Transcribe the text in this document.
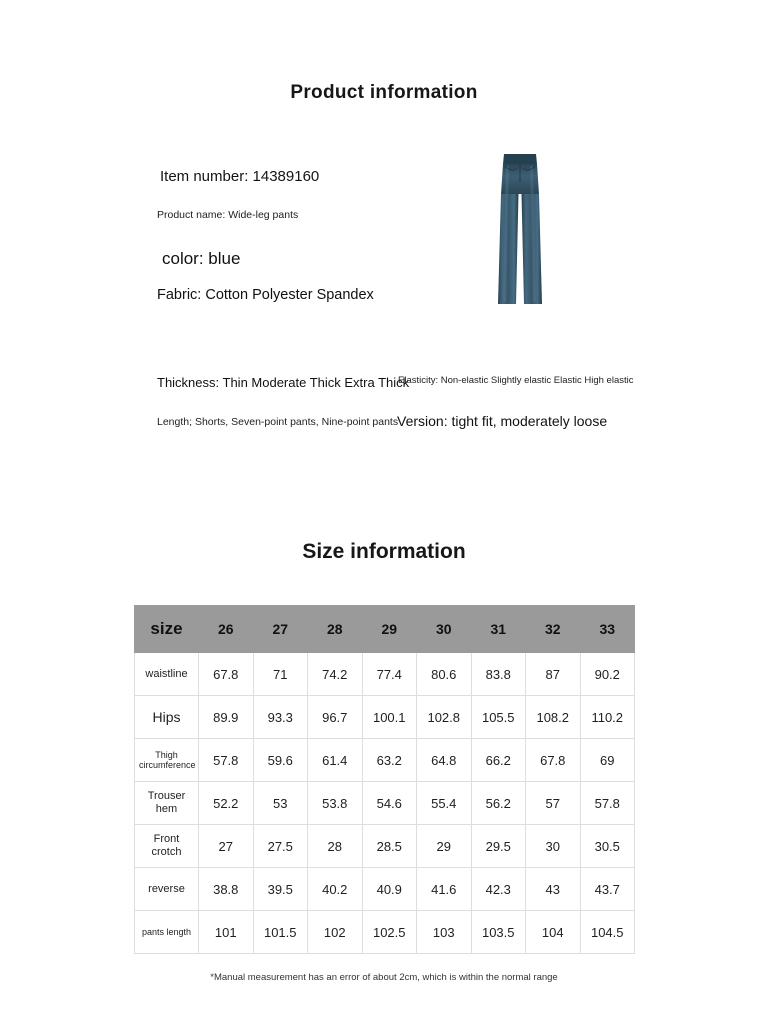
Product information
Item number: 14389160
Product name: Wide-leg pants
color: blue
Fabric: Cotton Polyester Spandex
Thickness: Thin Moderate Thick Extra Thick
Elasticity: Non-elastic Slightly elastic Elastic High elastic
Length; Shorts, Seven-point pants, Nine-point pants
Version: tight fit, moderately loose
Size information
size	26	27	28	29	30	31	32	33
waistline	67.8	71	74.2	77.4	80.6	83.8	87	90.2
Hips	89.9	93.3	96.7	100.1	102.8	105.5	108.2	110.2
Thigh circumference	57.8	59.6	61.4	63.2	64.8	66.2	67.8	69
Trouser hem	52.2	53	53.8	54.6	55.4	56.2	57	57.8
Front crotch	27	27.5	28	28.5	29	29.5	30	30.5
reverse	38.8	39.5	40.2	40.9	41.6	42.3	43	43.7
pants length	101	101.5	102	102.5	103	103.5	104	104.5
*Manual measurement has an error of about 2cm, which is within the normal range
